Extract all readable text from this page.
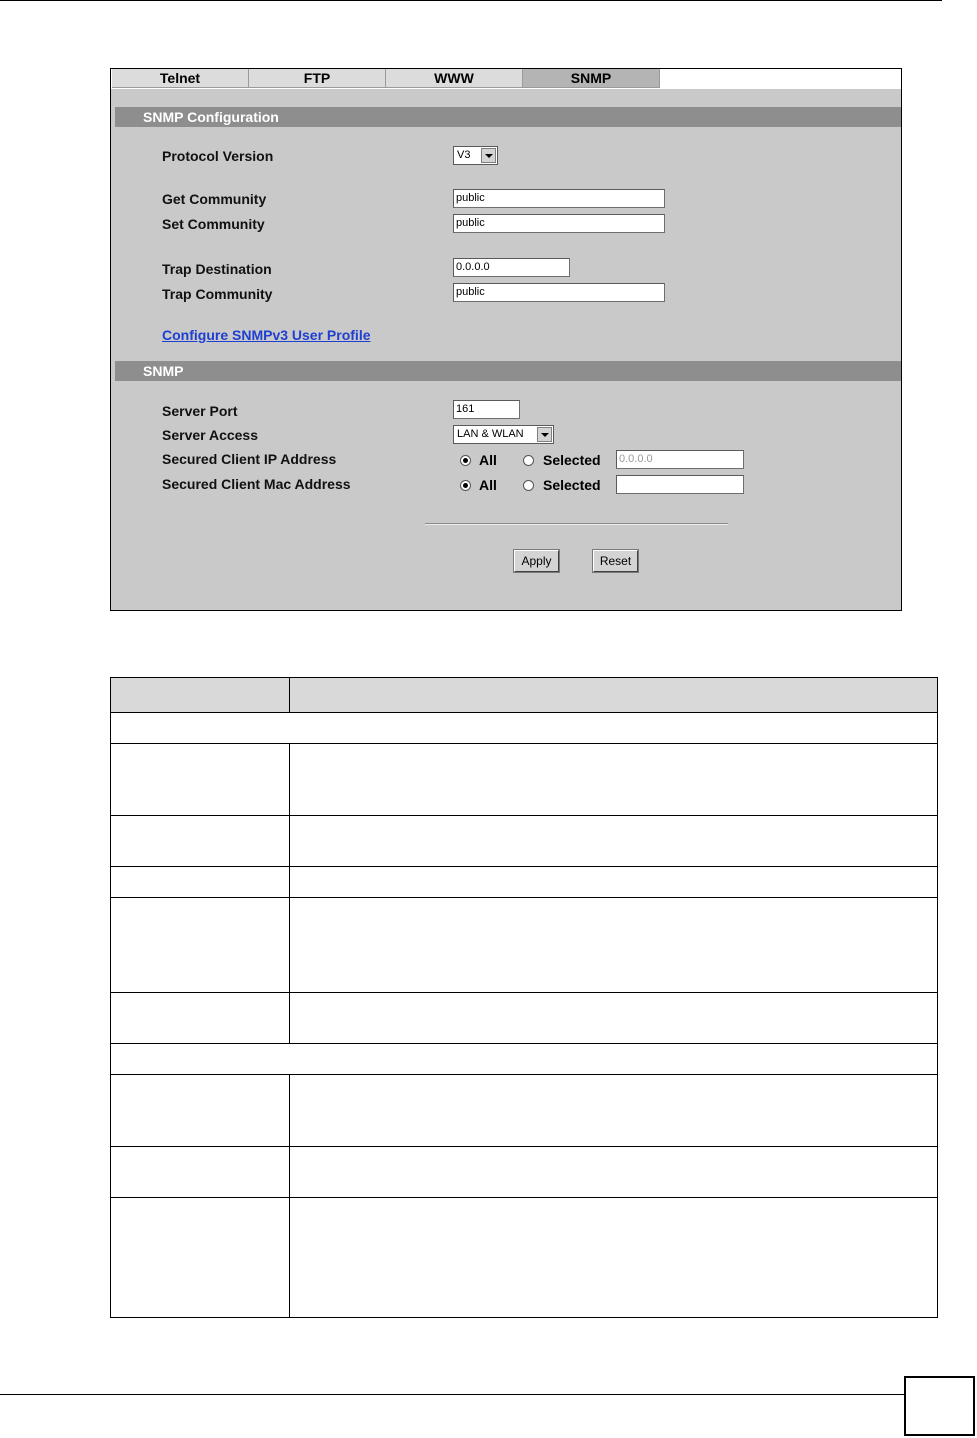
Telnet	FTP	WWW	SNMP
SNMP Configuration
Protocol Version	V3
Get Community	public
Set Community	public
Trap Destination	0.0.0.0
Trap Community	public
Configure SNMPv3 User Profile
SNMP
Server Port	161
Server Access	LAN & WLAN
Secured Client IP Address	All	Selected 0.0.0.0
Secured Client Mac Address	All	Selected
Apply	Reset
